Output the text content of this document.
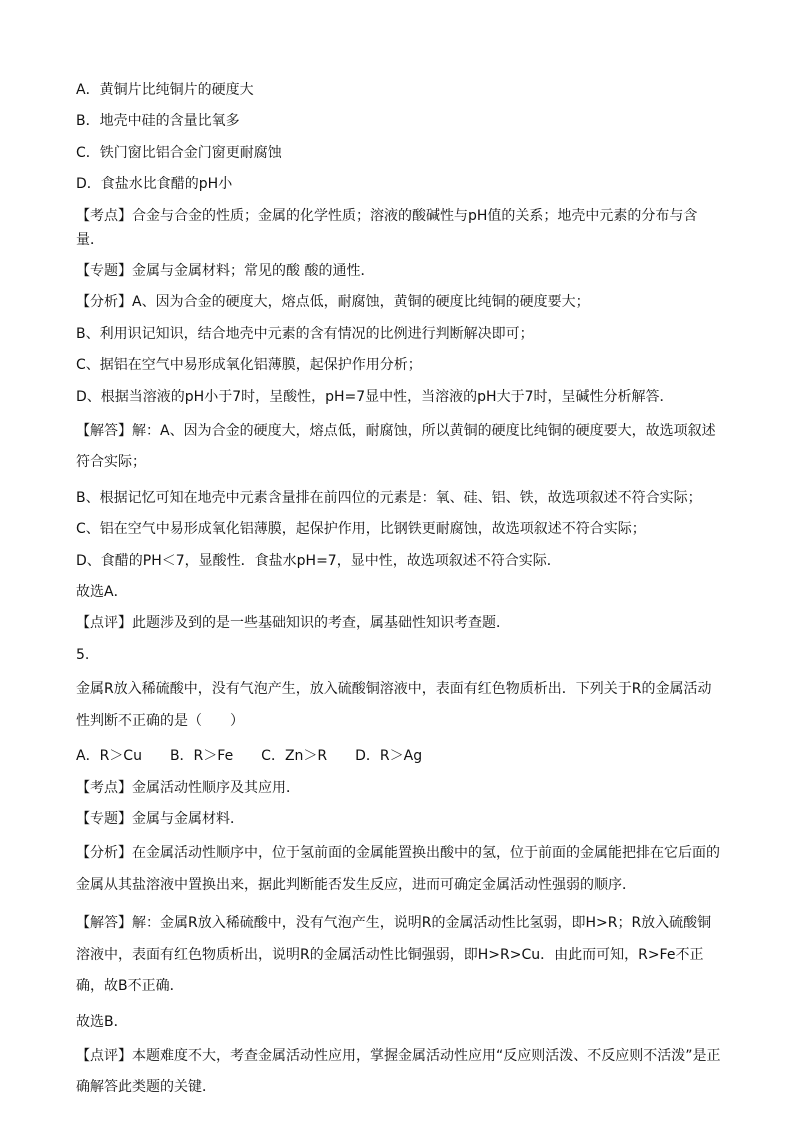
A．黄铜片比纯铜片的硬度大

B．地壳中硅的含量比氧多

C．铁门窗比铝合金门窗更耐腐蚀

D．食盐水比食醋的pH小

【考点】合金与合金的性质；金属的化学性质；溶液的酸碱性与pH值的关系；地壳中元素的分布与含量．

【专题】金属与金属材料；常见的酸 酸的通性．

【分析】A、因为合金的硬度大，熔点低，耐腐蚀，黄铜的硬度比纯铜的硬度要大；

B、利用识记知识，结合地壳中元素的含有情况的比例进行判断解决即可；

C、据铝在空气中易形成氧化铝薄膜，起保护作用分析；

D、根据当溶液的pH小于7时，呈酸性，pH=7显中性，当溶液的pH大于7时，呈碱性分析解答．

【解答】解：A、因为合金的硬度大，熔点低，耐腐蚀，所以黄铜的硬度比纯铜的硬度要大，故选项叙述符合实际；

B、根据记忆可知在地壳中元素含量排在前四位的元素是：氧、硅、铝、铁，故选项叙述不符合实际；

C、铝在空气中易形成氧化铝薄膜，起保护作用，比钢铁更耐腐蚀，故选项叙述不符合实际；

D、食醋的PH＜7，显酸性．食盐水pH=7，显中性，故选项叙述不符合实际．

故选A．

【点评】此题涉及到的是一些基础知识的考查，属基础性知识考查题．

5.

金属R放入稀硫酸中，没有气泡产生，放入硫酸铜溶液中，表面有红色物质析出．下列关于R的金属活动性判断不正确的是（　　）

A．R＞Cu　　B．R＞Fe　　C．Zn＞R　　D．R＞Ag

【考点】金属活动性顺序及其应用．

【专题】金属与金属材料．

【分析】在金属活动性顺序中，位于氢前面的金属能置换出酸中的氢，位于前面的金属能把排在它后面的金属从其盐溶液中置换出来，据此判断能否发生反应，进而可确定金属活动性强弱的顺序．

【解答】解：金属R放入稀硫酸中，没有气泡产生，说明R的金属活动性比氢弱，即H>R；R放入硫酸铜溶液中，表面有红色物质析出，说明R的金属活动性比铜强弱，即H>R>Cu．由此而可知，R>Fe不正确，故B不正确．

故选B．

【点评】本题难度不大，考查金属活动性应用，掌握金属活动性应用“反应则活泼、不反应则不活泼”是正确解答此类题的关键．
